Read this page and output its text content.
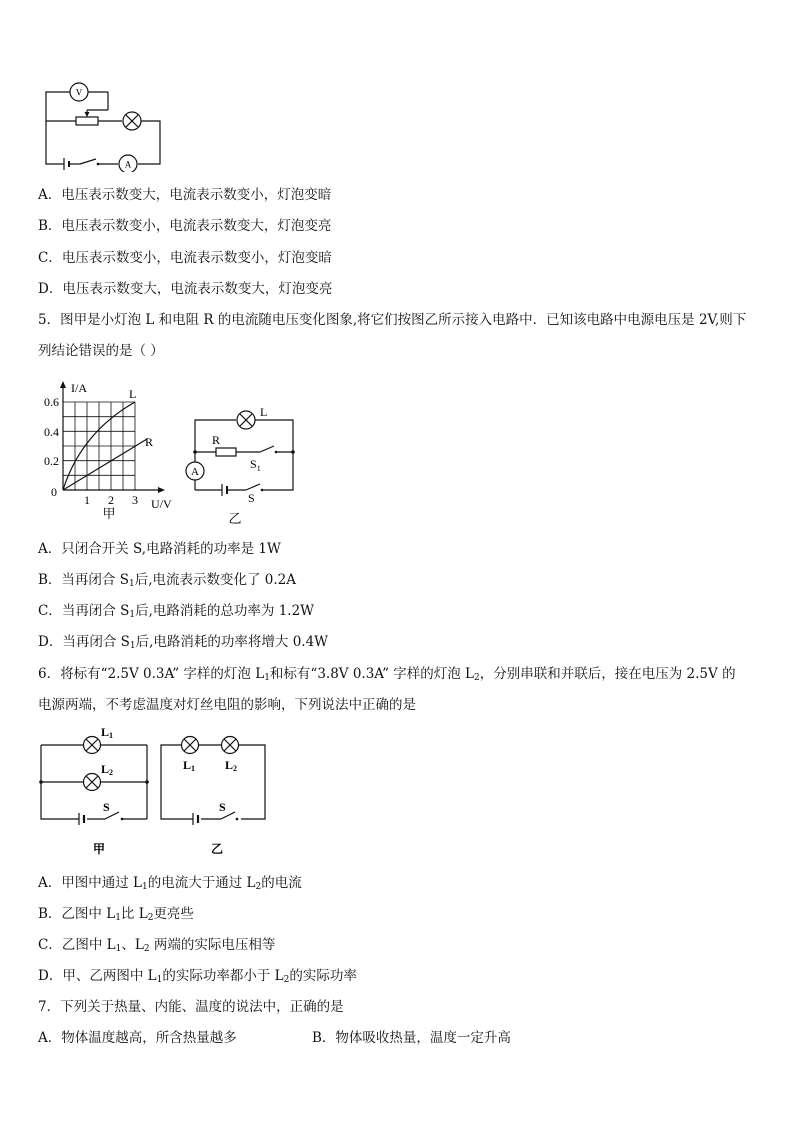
V
A
A．电压表示数变大，电流表示数变小，灯泡变暗
B．电压表示数变小，电流表示数变大，灯泡变亮
C．电压表示数变小，电流表示数变小，灯泡变暗
D．电压表示数变大，电流表示数变大，灯泡变亮
5．图甲是小灯泡 L 和电阻 R 的电流随电压变化图象,将它们按图乙所示接入电路中．已知该电路中电源电压是 2V,则下
列结论错误的是（ ）
I/A	L
R
0.6
0.4
0.2
0
1 2 3 U/V
甲
A
L
R
$S_1$
S
乙
A．只闭合开关 S,电路消耗的功率是 1W
B．当再闭合 $S_1$后,电流表示数变化了 0.2A
C．当再闭合 $S_1$后,电路消耗的总功率为 1.2W
D．当再闭合 $S_1$后,电路消耗的功率将增大 0.4W
6．将标有“2.5V 0.3A” 字样的灯泡 $L_1$和标有“3.8V 0.3A” 字样的灯泡 $L_2$，分别串联和并联后，接在电压为 2.5V 的
电源两端，不考虑温度对灯丝电阻的影响，下列说法中正确的是
L1
L2
S
甲
L1 L2
S
乙
A．甲图中通过 $L_1$的电流大于通过 $L_2$的电流
B．乙图中 $L_1$比 $L_2$更亮些
C．乙图中 $L_1$、$L_2$ 两端的实际电压相等
D．甲、乙两图中 $L_1$的实际功率都小于 $L_2$的实际功率
7．下列关于热量、内能、温度的说法中，正确的是
A．物体温度越高，所含热量越多	B．物体吸收热量，温度一定升高
